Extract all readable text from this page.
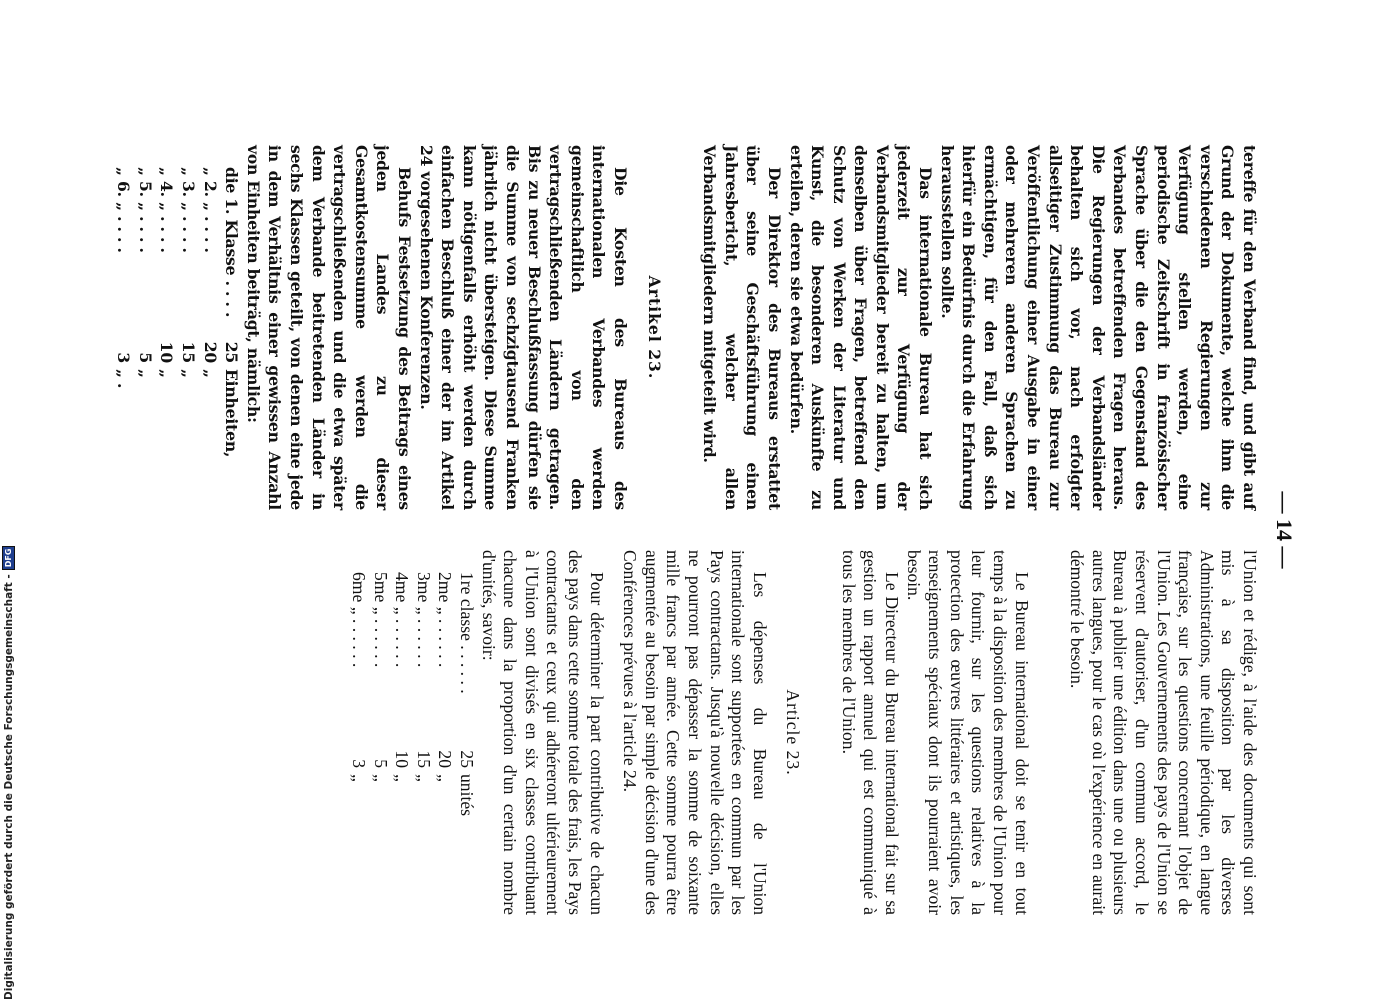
— 14 —

tereffe für den Verband find, und gibt auf Grund der Dokumente, welche ihm die verschiedenen Regierungen zur Verfügung stellen werden, eine periodische Zeitschrift in französischer Sprache über die den Gegenstand des Verbandes betreffenden Fragen heraus. Die Regierungen der Verbandsländer behalten sich vor, nach erfolgter allseitiger Zustimmung das Bureau zur Veröffentlichung einer Ausgabe in einer oder mehreren anderen Sprachen zu ermächtigen, für den Fall, daß sich hierfür ein Bedürfnis durch die Erfahrung herausstellen sollte.

Das internationale Bureau hat sich jederzeit zur Verfügung der Verbandsmitglieder bereit zu halten, um denselben über Fragen, betreffend den Schutz von Werken der Literatur und Kunst, die besonderen Auskünfte zu erteilen, deren sie etwa bedürfen.

Der Direktor des Bureaus erstattet über seine Geschäftsführung einen Jahresbericht, welcher allen Verbandsmitgliedern mitgeteilt wird.

Artikel 23.

Die Kosten des Bureaus des internationalen Verbandes werden gemeinschaftlich von den vertragschließenden Ländern getragen. Bis zu neuer Beschlußfassung dürfen sie die Summe von sechzigtausend Franken jährlich nicht übersteigen. Diese Summe kann nötigenfalls erhöht werden durch einfachen Beschluß einer der im Artikel 24 vorgesehenen Konferenzen.

Behufs Festsetzung des Beitrags eines jeden Landes zu dieser Gesamtkostensumme werden die vertragschließenden und die etwa später dem Verbande beitretenden Länder in sechs Klassen geteilt, von denen eine jede in dem Verhältnis einer gewissen Anzahl von Einheiten beiträgt, nämlich:

die 1. Klasse . . . .
25
Einheiten,
„ 2. „ . . . .
20
„
„ 3. „ . . . .
15
„
„ 4. „ . . . .
10
„
„ 5. „ . . . .
5
„
„ 6. „ . . . .
3
„ .

l'Union et rédige, à l'aide des documents qui sont mis à sa disposition par les diverses Administrations, une feuille périodique, en langue française, sur les questions concernant l'objet de l'Union. Les Gouvernements des pays de l'Union se réservent d'autoriser, d'un commun accord, le Bureau à publier une édition dans une ou plusieurs autres langues, pour le cas où l'expérience en aurait démontré le besoin.

Le Bureau international doit se tenir en tout temps à la disposition des membres de l'Union pour leur fournir, sur les questions relatives à la protection des œuvres littéraires et artistiques, les renseignements spéciaux dont ils pourraient avoir besoin.

Le Directeur du Bureau international fait sur sa gestion un rapport annuel qui est communiqué à tous les membres de l'Union.

Article 23.

Les dépenses du Bureau de l'Union internationale sont supportées en commun par les Pays contractants. Jusqu'à nouvelle décision, elles ne pourront pas dépasser la somme de soixante mille francs par année. Cette somme pourra être augmentée au besoin par simple décision d'une des Conférences prévues à l'article 24.

Pour déterminer la part contributive de chacun des pays dans cette somme totale des frais, les Pays contractants et ceux qui adhéreront ultérieurement à l'Union sont divisés en six classes contribuant chacune dans la proportion d'un certain nombre d'unités, savoir:

1re classe . . . . . .
25
unités
2me „ . . . . . .
20
„
3me „ . . . . . .
15
„
4me „ . . . . . .
10
„
5me „ . . . . . .
5
„
6me „ . . . . . .
3
„
Digitalisierung gefördert durch die Deutsche Forschungsgemeinschaft -
DFG
